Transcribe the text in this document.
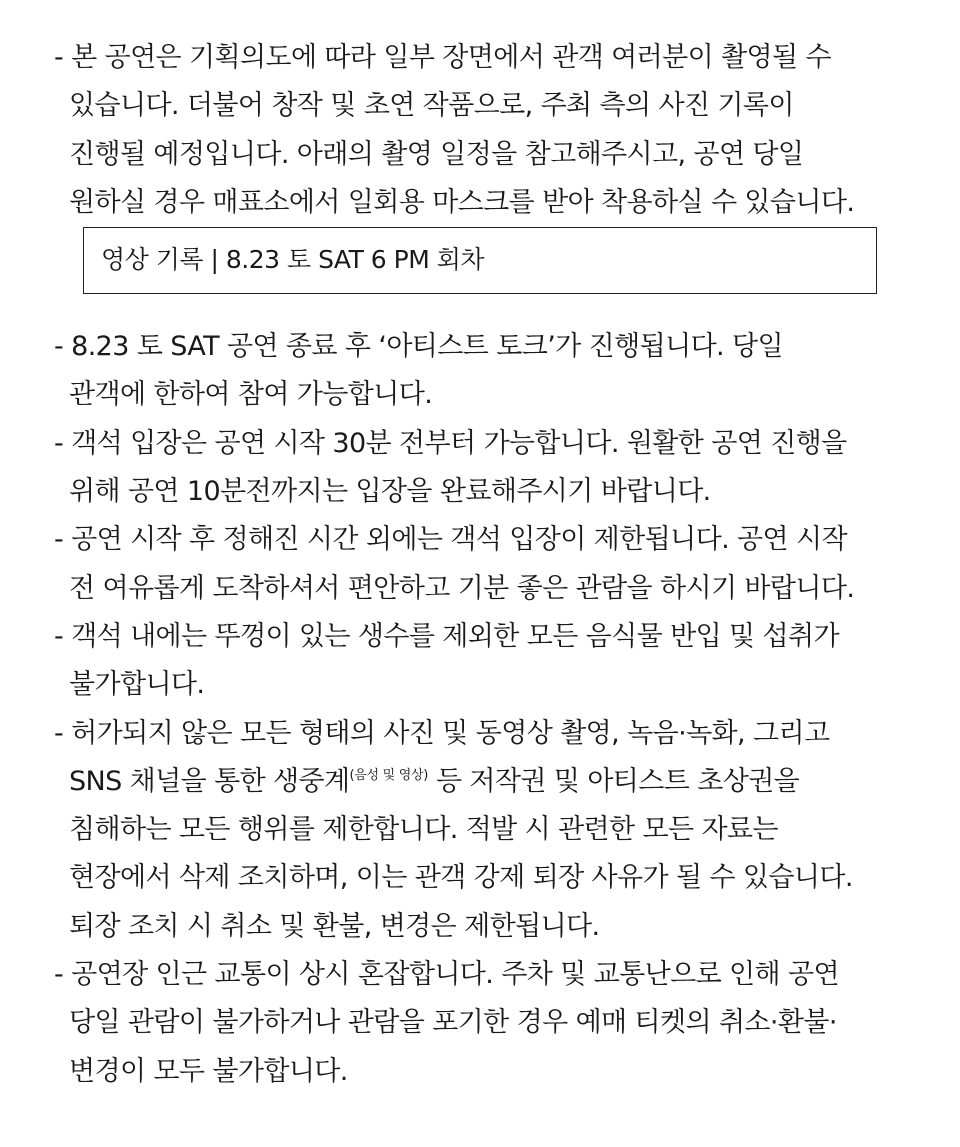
- 본 공연은 기획의도에 따라 일부 장면에서 관객 여러분이 촬영될 수
있습니다. 더불어 창작 및 초연 작품으로, 주최 측의 사진 기록이
진행될 예정입니다. 아래의 촬영 일정을 참고해주시고, 공연 당일
원하실 경우 매표소에서 일회용 마스크를 받아 착용하실 수 있습니다.
영상 기록 | 8.23 토 SAT 6 PM 회차
- 8.23 토 SAT 공연 종료 후 ‘아티스트 토크’가 진행됩니다. 당일
관객에 한하여 참여 가능합니다.
- 객석 입장은 공연 시작 30분 전부터 가능합니다. 원활한 공연 진행을
위해 공연 10분전까지는 입장을 완료해주시기 바랍니다.
- 공연 시작 후 정해진 시간 외에는 객석 입장이 제한됩니다. 공연 시작
전 여유롭게 도착하셔서 편안하고 기분 좋은 관람을 하시기 바랍니다.
- 객석 내에는 뚜껑이 있는 생수를 제외한 모든 음식물 반입 및 섭취가
불가합니다.
- 허가되지 않은 모든 형태의 사진 및 동영상 촬영, 녹음·녹화, 그리고
SNS 채널을 통한 생중계$^{(음성 및 영상)}$ 등 저작권 및 아티스트 초상권을
침해하는 모든 행위를 제한합니다. 적발 시 관련한 모든 자료는
현장에서 삭제 조치하며, 이는 관객 강제 퇴장 사유가 될 수 있습니다.
퇴장 조치 시 취소 및 환불, 변경은 제한됩니다.
- 공연장 인근 교통이 상시 혼잡합니다. 주차 및 교통난으로 인해 공연
당일 관람이 불가하거나 관람을 포기한 경우 예매 티켓의 취소·환불·
변경이 모두 불가합니다.
